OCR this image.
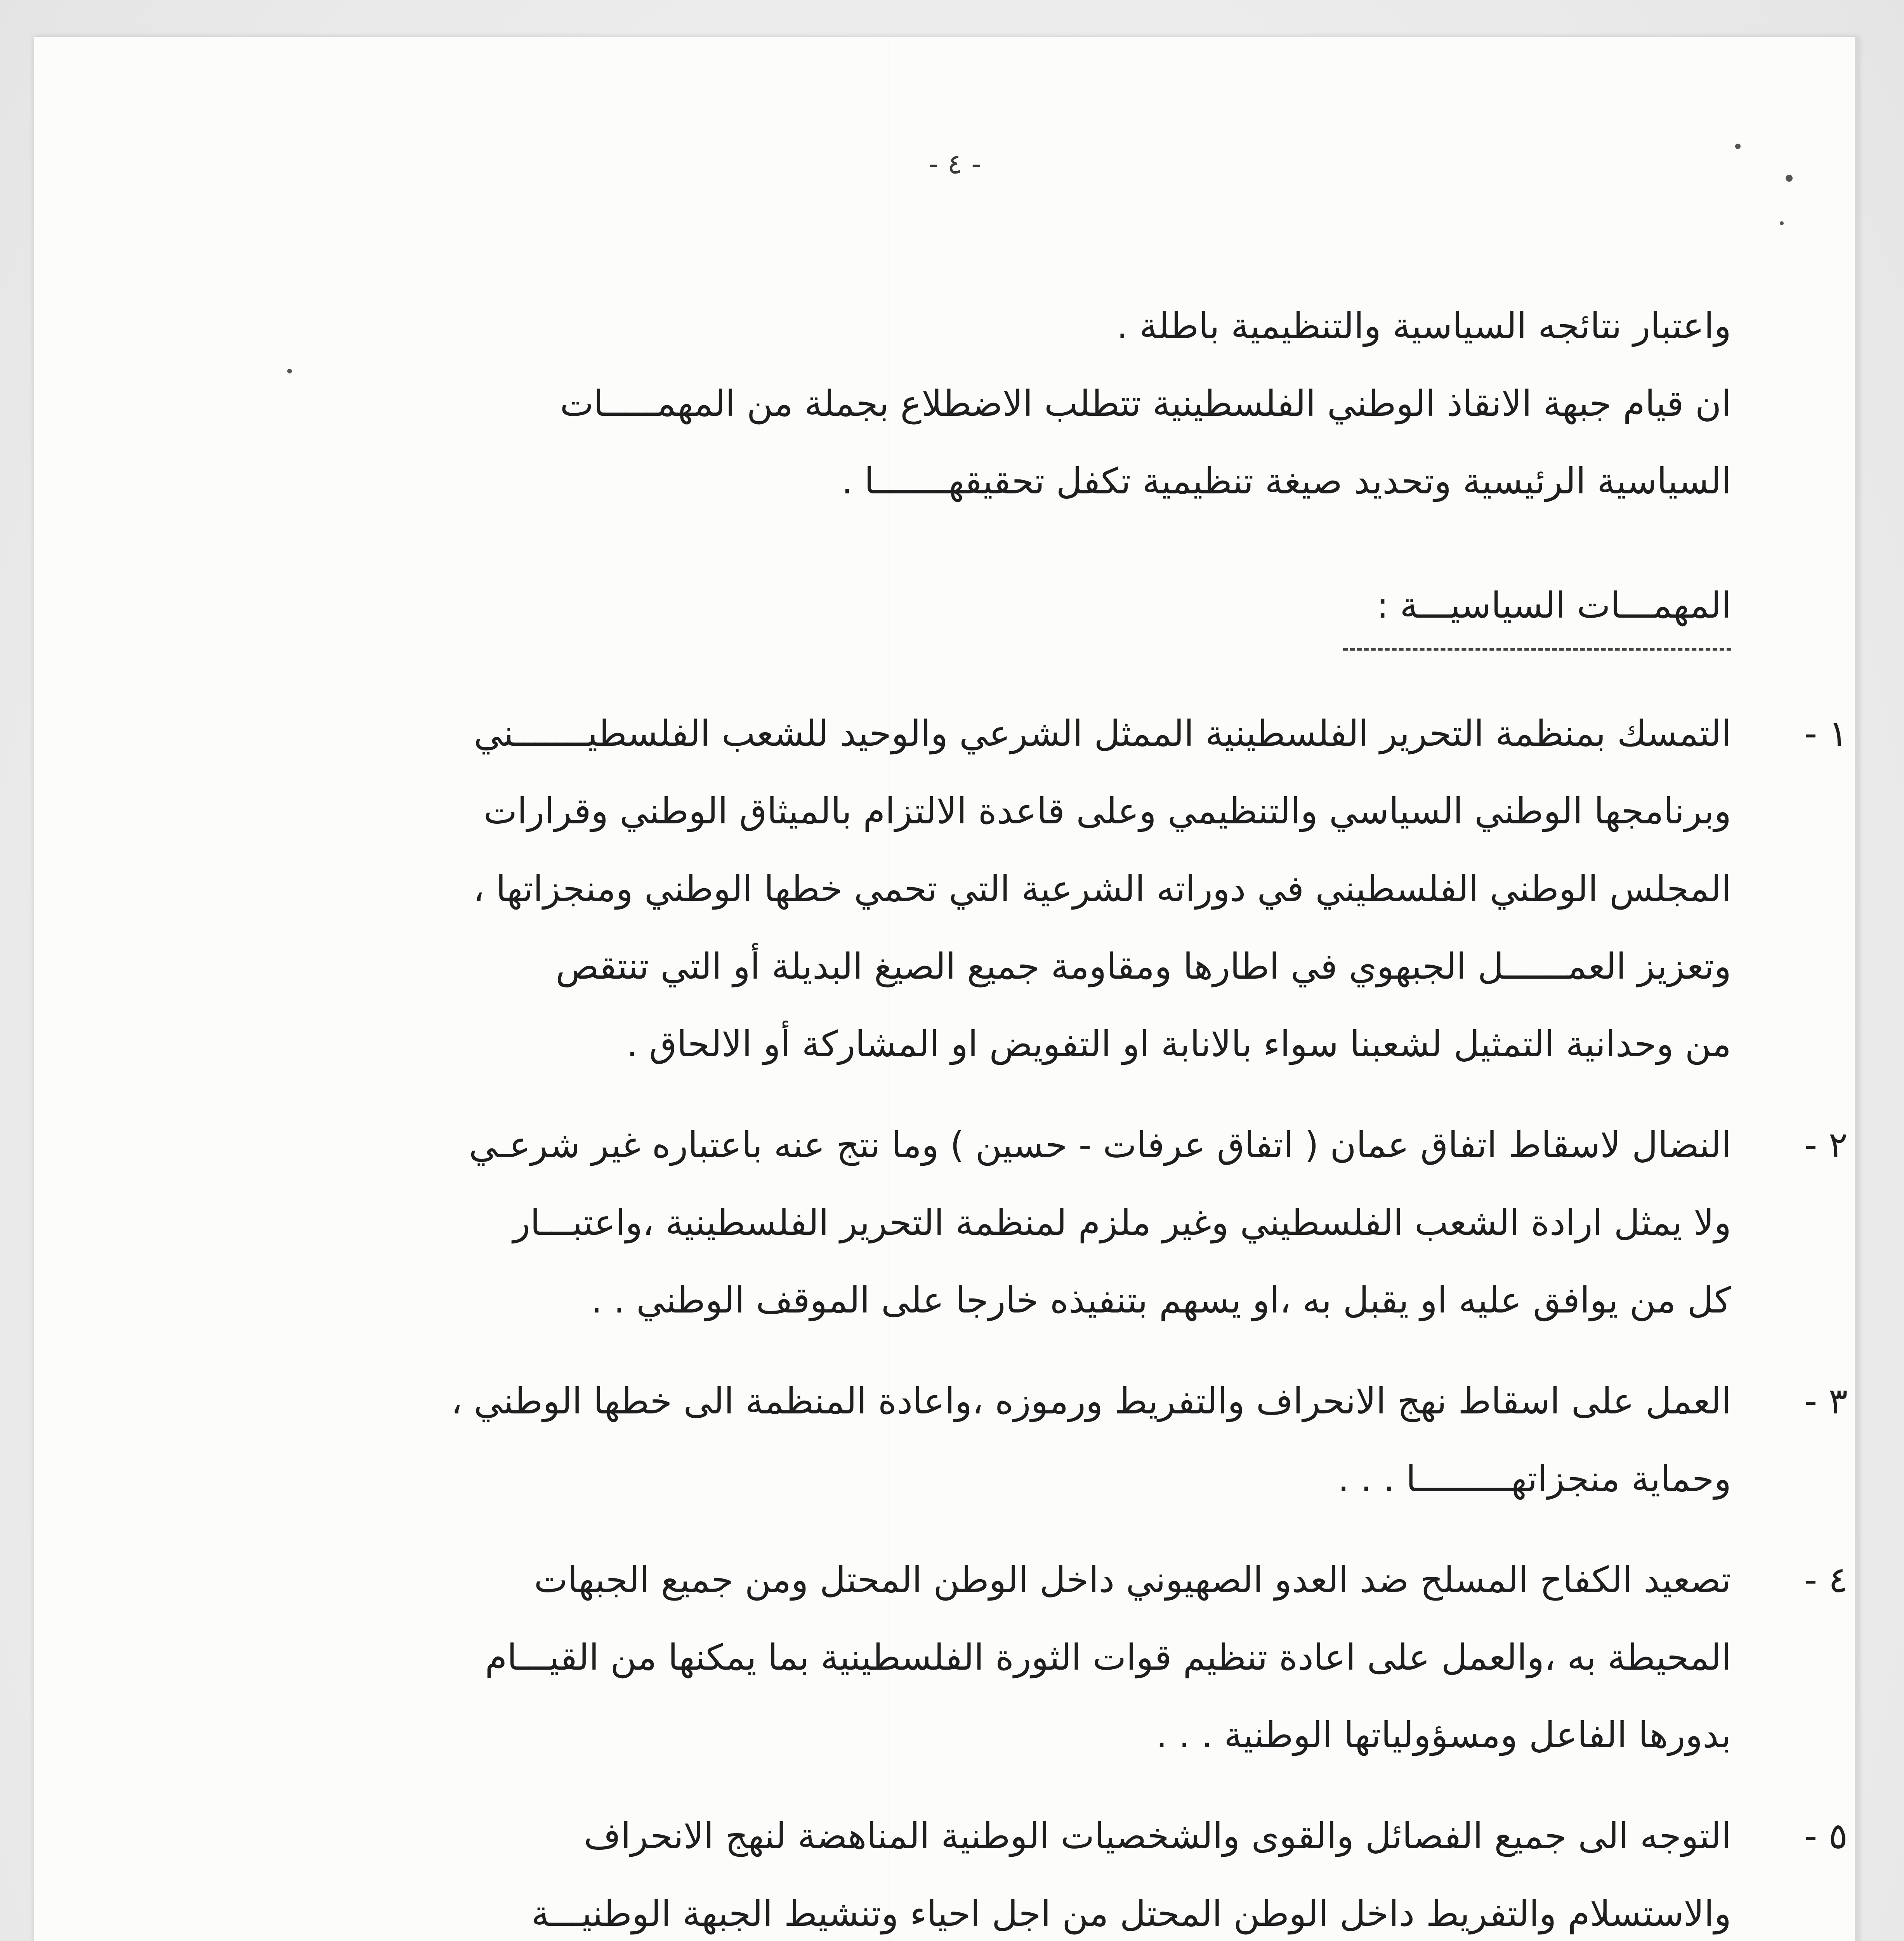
- ٤ -
واعتبار نتائجه السياسية والتنظيمية باطلة .
ان قيام جبهة الانقاذ الوطني الفلسطينية تتطلب الاضطلاع بجملة من المهمـــــات
السياسية الرئيسية وتحديد صيغة تنظيمية تكفل تحقيقهـــــــا .
المهمـــات السياسيـــة :
١ -
التمسك بمنظمة التحرير الفلسطينية الممثل الشرعي والوحيد للشعب الفلسطيـــــــني
وبرنامجها الوطني السياسي والتنظيمي وعلى قاعدة الالتزام بالميثاق الوطني وقرارات
المجلس الوطني الفلسطيني في دوراته الشرعية التي تحمي خطها الوطني ومنجزاتها ،
وتعزيز العمــــــل الجبهوي في اطارها ومقاومة جميع الصيغ البديلة أو التي تنتقص
من وحدانية التمثيل لشعبنا سواء بالانابة او التفويض او المشاركة أو الالحاق .
٢ -
النضال لاسقاط اتفاق عمان ( اتفاق عرفات - حسين ) وما نتج عنه باعتباره غير شرعـي
ولا يمثل ارادة الشعب الفلسطيني وغير ملزم لمنظمة التحرير الفلسطينية ،واعتبـــار
كل من يوافق عليه او يقبل به ،او يسهم بتنفيذه خارجا على الموقف الوطني . .
٣ -
العمل على اسقاط نهج الانحراف والتفريط ورموزه ،واعادة المنظمة الى خطها الوطني ،
وحماية منجزاتهـــــــــا . . .
٤ -
تصعيد الكفاح المسلح ضد العدو الصهيوني داخل الوطن المحتل ومن جميع الجبهات
المحيطة به ،والعمل على اعادة تنظيم قوات الثورة الفلسطينية بما يمكنها من القيـــام
بدورها الفاعل ومسؤولياتها الوطنية . . .
٥ -
التوجه الى جميع الفصائل والقوى والشخصيات الوطنية المناهضة لنهج الانحراف
والاستسلام والتفريط داخل الوطن المحتل من اجل احياء وتنشيط الجبهة الوطنيـــة
